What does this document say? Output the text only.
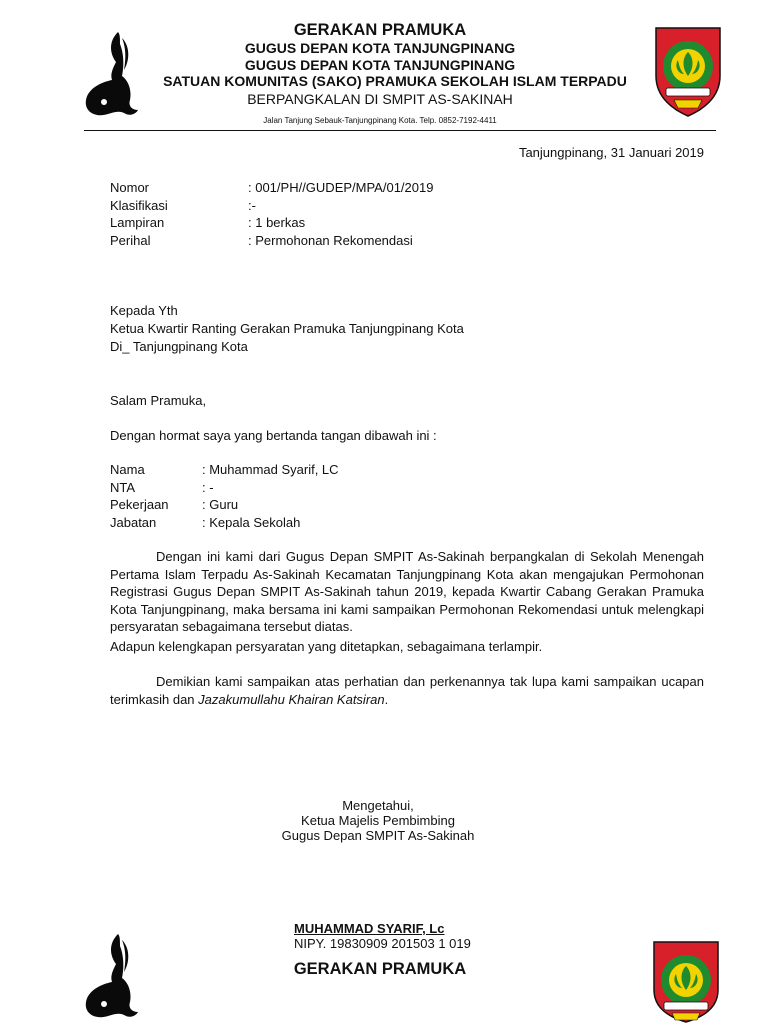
GERAKAN PRAMUKA
GUGUS DEPAN KOTA TANJUNGPINANG
GUGUS DEPAN KOTA TANJUNGPINANG
SATUAN KOMUNITAS (SAKO) PRAMUKA SEKOLAH ISLAM TERPADU
BERPANGKALAN DI SMPIT AS-SAKINAH
Jalan Tanjung Sebauk-Tanjungpinang Kota. Telp. 0852-7192-4411
Tanjungpinang, 31 Januari 2019
Nomor	: 001/PH//GUDEP/MPA/01/2019
Klasifikasi	:-
Lampiran	: 1 berkas
Perihal	: Permohonan Rekomendasi
Kepada Yth
Ketua Kwartir Ranting Gerakan Pramuka Tanjungpinang Kota
Di_ Tanjungpinang Kota
Salam Pramuka,
Dengan hormat saya yang bertanda tangan dibawah ini :
Nama	: Muhammad Syarif, LC
NTA	: -
Pekerjaan	: Guru
Jabatan	: Kepala Sekolah
Dengan ini kami dari Gugus Depan SMPIT As-Sakinah berpangkalan di Sekolah Menengah Pertama Islam Terpadu As-Sakinah Kecamatan Tanjungpinang Kota akan mengajukan Permohonan Registrasi Gugus Depan SMPIT As-Sakinah tahun 2019, kepada Kwartir Cabang Gerakan Pramuka Kota Tanjungpinang, maka bersama ini kami sampaikan Permohonan Rekomendasi untuk melengkapi persyaratan sebagaimana tersebut diatas.
Adapun kelengkapan persyaratan yang ditetapkan, sebagaimana terlampir.
Demikian kami sampaikan atas perhatian dan perkenannya tak lupa kami sampaikan ucapan terimkasih dan Jazakumullahu Khairan Katsiran.
Mengetahui,
Ketua Majelis Pembimbing
Gugus Depan SMPIT As-Sakinah
MUHAMMAD SYARIF, Lc
NIPY. 19830909 201503 1 019
GERAKAN PRAMUKA
